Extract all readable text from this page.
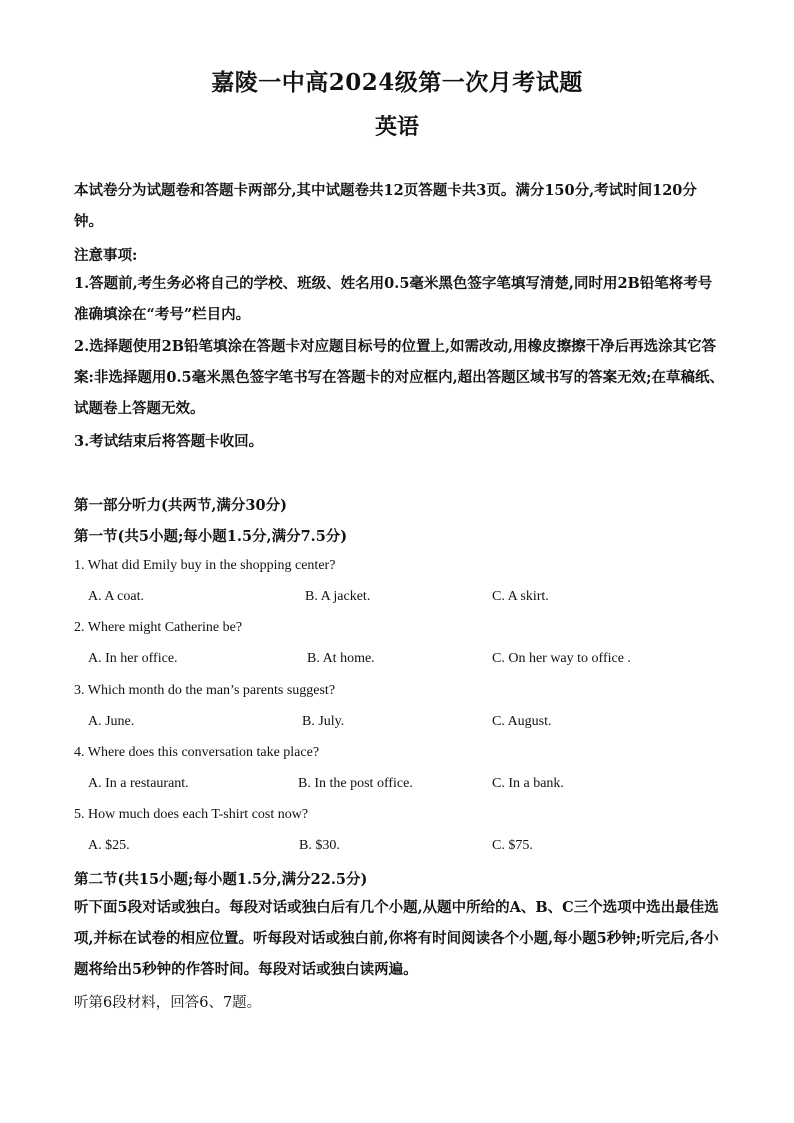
嘉陵一中高2024级第一次月考试题
英语
本试卷分为试题卷和答题卡两部分,其中试题卷共12页答题卡共3页。满分150分,考试时间120分钟。
注意事项:
1.答题前,考生务必将自己的学校、班级、姓名用0.5毫米黑色签字笔填写清楚,同时用2B铅笔将考号准确填涂在“考号”栏目内。
2.选择题使用2B铅笔填涂在答题卡对应题目标号的位置上,如需改动,用橡皮擦擦干净后再选涂其它答案:非选择题用0.5毫米黑色签字笔书写在答题卡的对应框内,超出答题区域书写的答案无效;在草稿纸、试题卷上答题无效。
3.考试结束后将答题卡收回。
第一部分听力(共两节,满分30分)
第一节(共5小题;每小题1.5分,满分7.5分)
1. What did Emily buy in the shopping center?
A. A coat.	B. A jacket.	C. A skirt.
2. Where might Catherine be?
A. In her office.	B. At home.	C. On her way to office .
3. Which month do the man’s parents suggest?
A. June.	B. July.	C. August.
4. Where does this conversation take place?
A. In a restaurant.	B. In the post office.	C. In a bank.
5. How much does each T-shirt cost now?
A. $25.	B. $30.	C. $75.
第二节(共15小题;每小题1.5分,满分22.5分)
听下面5段对话或独白。每段对话或独白后有几个小题,从题中所给的A、B、C三个选项中选出最佳选项,并标在试卷的相应位置。听每段对话或独白前,你将有时间阅读各个小题,每小题5秒钟;听完后,各小题将给出5秒钟的作答时间。每段对话或独白读两遍。
听第6段材料，回答6、7题。
